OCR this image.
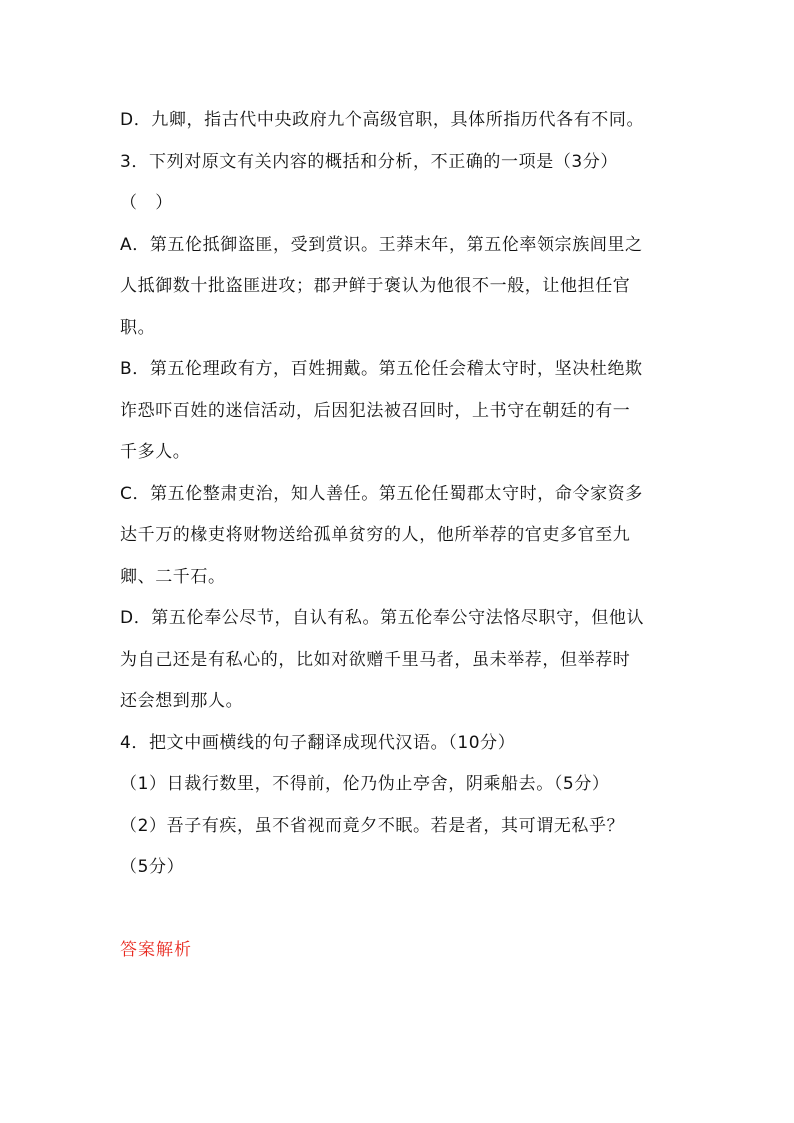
D．九卿，指古代中央政府九个高级官职，具体所指历代各有不同。
3．下列对原文有关内容的概括和分析，不正确的一项是（3分）
（　）
A．第五伦抵御盗匪，受到赏识。王莽末年，第五伦率领宗族闾里之
人抵御数十批盗匪进攻；郡尹鲜于褒认为他很不一般，让他担任官
职。
B．第五伦理政有方，百姓拥戴。第五伦任会稽太守时，坚决杜绝欺
诈恐吓百姓的迷信活动，后因犯法被召回时，上书守在朝廷的有一
千多人。
C．第五伦整肃吏治，知人善任。第五伦任蜀郡太守时，命令家资多
达千万的椽吏将财物送给孤单贫穷的人，他所举荐的官吏多官至九
卿、二千石。
D．第五伦奉公尽节，自认有私。第五伦奉公守法恪尽职守，但他认
为自己还是有私心的，比如对欲赠千里马者，虽未举荐，但举荐时
还会想到那人。
4．把文中画横线的句子翻译成现代汉语。（10分）
（1）日裁行数里，不得前，伦乃伪止亭舍，阴乘船去。（5分）
（2）吾子有疾，虽不省视而竟夕不眠。若是者，其可谓无私乎？
（5分）
答案解析
